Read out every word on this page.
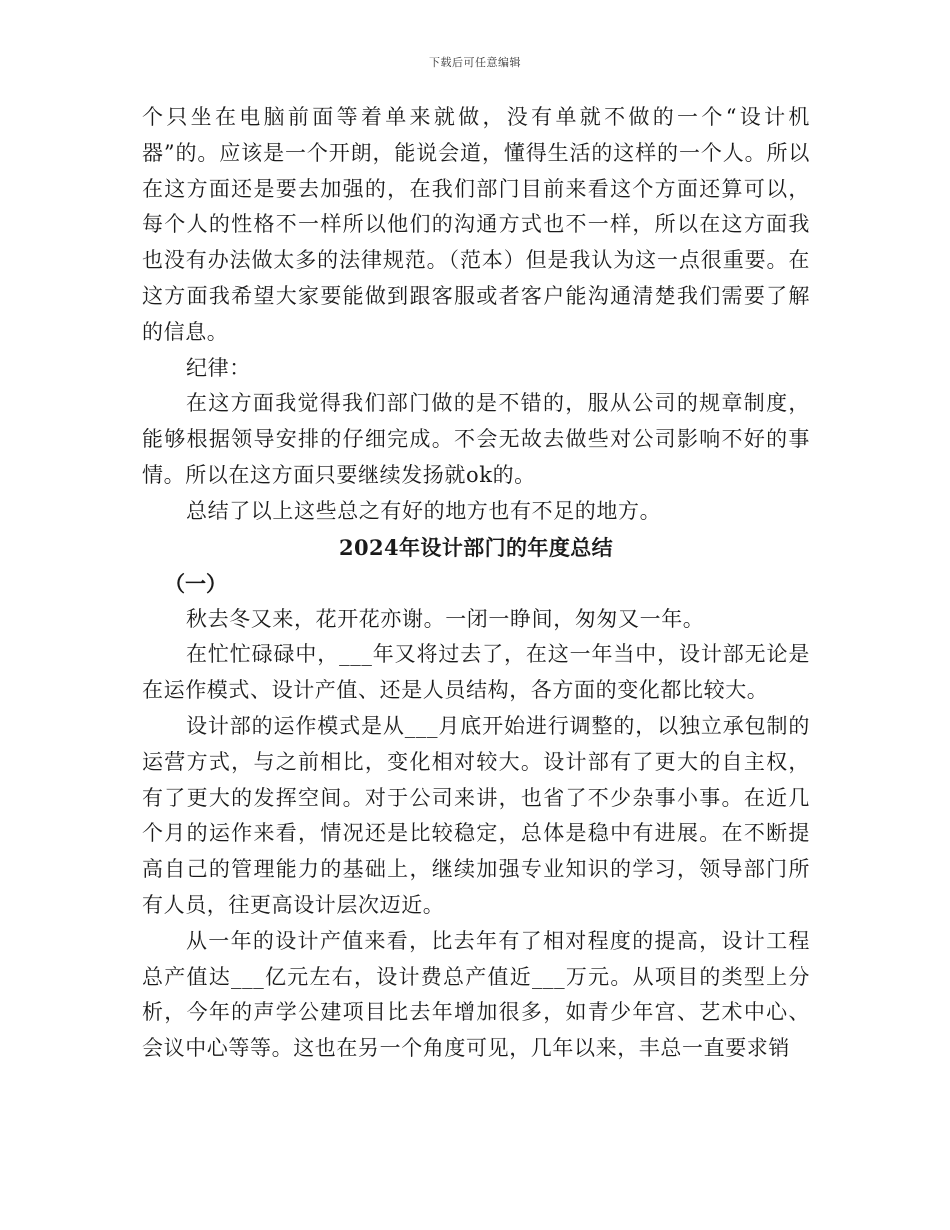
下载后可任意编辑

个只坐在电脑前面等着单来就做，没有单就不做的一个“设计机器”的。应该是一个开朗，能说会道，懂得生活的这样的一个人。所以在这方面还是要去加强的，在我们部门目前来看这个方面还算可以，每个人的性格不一样所以他们的沟通方式也不一样，所以在这方面我也没有办法做太多的法律规范。（范本）但是我认为这一点很重要。在这方面我希望大家要能做到跟客服或者客户能沟通清楚我们需要了解的信息。

纪律：

在这方面我觉得我们部门做的是不错的，服从公司的规章制度，能够根据领导安排的仔细完成。不会无故去做些对公司影响不好的事情。所以在这方面只要继续发扬就ok的。

总结了以上这些总之有好的地方也有不足的地方。

2024年设计部门的年度总结

（一）

秋去冬又来，花开花亦谢。一闭一睁间，匆匆又一年。

在忙忙碌碌中，___年又将过去了，在这一年当中，设计部无论是在运作模式、设计产值、还是人员结构，各方面的变化都比较大。

设计部的运作模式是从___月底开始进行调整的，以独立承包制的运营方式，与之前相比，变化相对较大。设计部有了更大的自主权，有了更大的发挥空间。对于公司来讲，也省了不少杂事小事。在近几个月的运作来看，情况还是比较稳定，总体是稳中有进展。在不断提高自己的管理能力的基础上，继续加强专业知识的学习，领导部门所有人员，往更高设计层次迈近。

从一年的设计产值来看，比去年有了相对程度的提高，设计工程总产值达___亿元左右，设计费总产值近___万元。从项目的类型上分析，今年的声学公建项目比去年增加很多，如青少年宫、艺术中心、会议中心等等。这也在另一个角度可见，几年以来，丰总一直要求销
